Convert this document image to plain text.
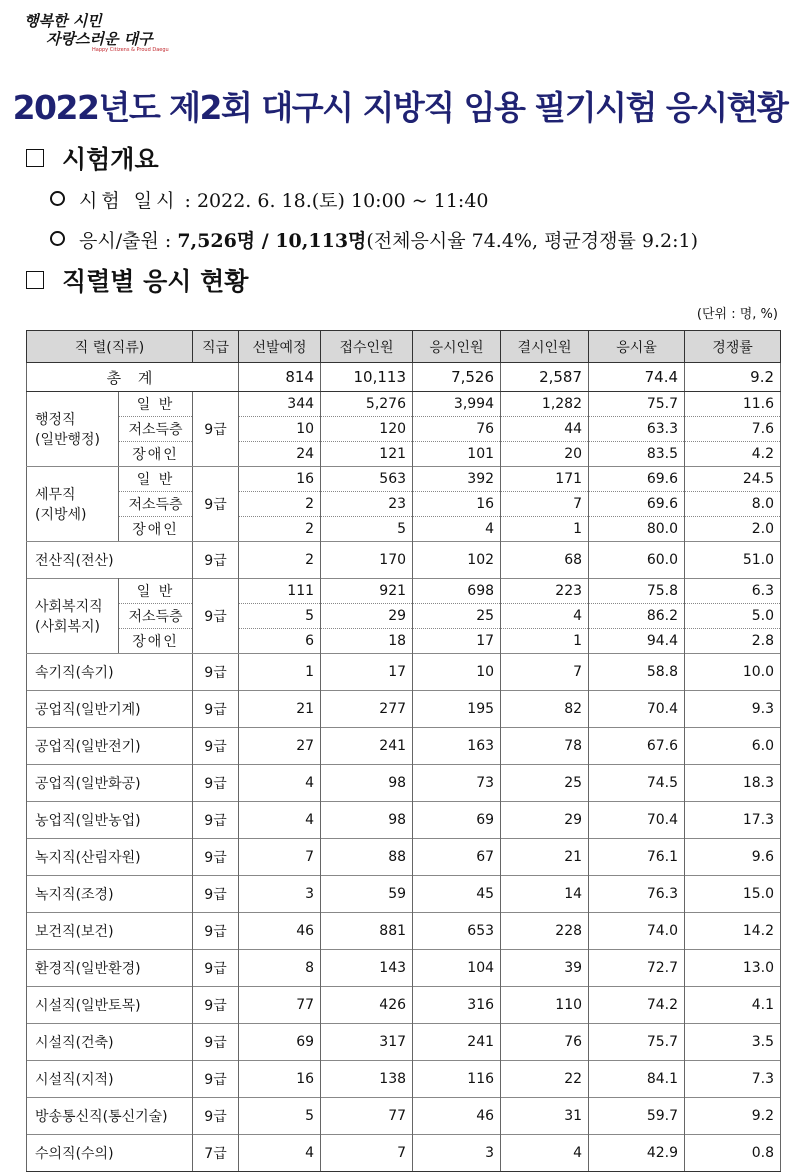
행복한 시민
자랑스러운 대구
Happy Citizens & Proud Daegu
2022년도 제2회 대구시 지방직 임용 필기시험 응시현황
시험개요
시험 일시 : 2022. 6. 18.(토) 10:00 ~ 11:40
응시/출원 : 7,526명 / 10,113명(전체응시율 74.4%, 평균경쟁률 9.2:1)
직렬별 응시 현황
(단위 : 명, %)
직 렬(직류)		직급	선발예정	접수인원	응시인원	결시인원	응시율	경쟁률
총 계			814	10,113	7,526	2,587	74.4	9.2
행정직
(일반행정)	일 반	9급	344	5,276	3,994	1,282	75.7	11.6
	저소득층		10	120	76	44	63.3	7.6
	장애인		24	121	101	20	83.5	4.2
세무직
(지방세)	일 반	9급	16	563	392	171	69.6	24.5
	저소득층		2	23	16	7	69.6	8.0
	장애인		2	5	4	1	80.0	2.0
전산직(전산)		9급	2	170	102	68	60.0	51.0
사회복지직
(사회복지)	일 반	9급	111	921	698	223	75.8	6.3
	저소득층		5	29	25	4	86.2	5.0
	장애인		6	18	17	1	94.4	2.8
속기직(속기)		9급	1	17	10	7	58.8	10.0
공업직(일반기계)		9급	21	277	195	82	70.4	9.3
공업직(일반전기)		9급	27	241	163	78	67.6	6.0
공업직(일반화공)		9급	4	98	73	25	74.5	18.3
농업직(일반농업)		9급	4	98	69	29	70.4	17.3
녹지직(산림자원)		9급	7	88	67	21	76.1	9.6
녹지직(조경)		9급	3	59	45	14	76.3	15.0
보건직(보건)		9급	46	881	653	228	74.0	14.2
환경직(일반환경)		9급	8	143	104	39	72.7	13.0
시설직(일반토목)		9급	77	426	316	110	74.2	4.1
시설직(건축)		9급	69	317	241	76	75.7	3.5
시설직(지적)		9급	16	138	116	22	84.1	7.3
방송통신직(통신기술)		9급	5	77	46	31	59.7	9.2
수의직(수의)		7급	4	7	3	4	42.9	0.8
